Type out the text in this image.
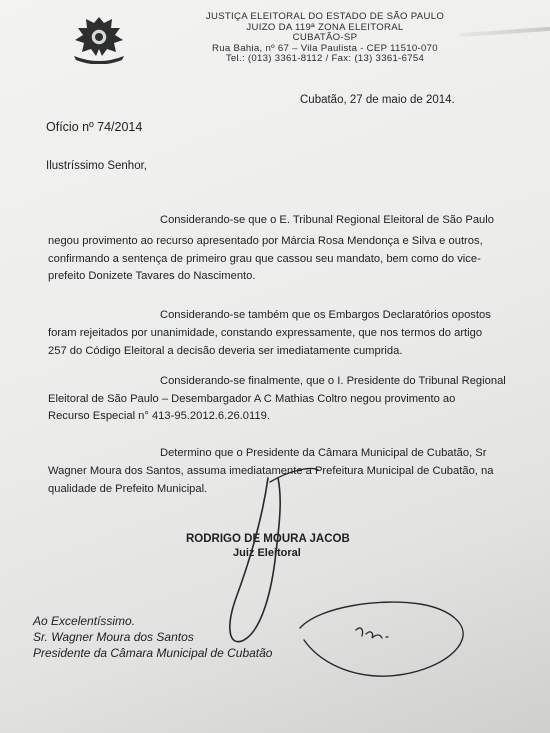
JUSTIÇA ELEITORAL DO ESTADO DE SÃO PAULO
JUIZO DA 119ª ZONA ELEITORAL
CUBATÃO-SP
Rua Bahia, nº 67 – Vila Paulista - CEP 11510-070
Tel.: (013) 3361-8112 / Fax: (13) 3361-6754
Cubatão, 27 de maio de 2014.
Ofício nº 74/2014
Ilustríssimo Senhor,
Considerando-se que o E. Tribunal Regional Eleitoral de São Paulo
negou provimento ao recurso apresentado por Márcia Rosa Mendonça e Silva e outros,
confirmando a sentença de primeiro grau que cassou seu mandato, bem como do vice-
prefeito Donizete Tavares do Nascimento.
Considerando-se também que os Embargos Declaratórios opostos
foram rejeitados por unanimidade, constando expressamente, que nos termos do artigo
257 do Código Eleitoral a decisão deveria ser imediatamente cumprida.
Considerando-se finalmente, que o I. Presidente do Tribunal Regional
Eleitoral de São Paulo – Desembargador A C Mathias Coltro negou provimento ao
Recurso Especial n° 413-95.2012.6.26.0119.
Determino que o Presidente da Câmara Municipal de Cubatão, Sr
Wagner Moura dos Santos, assuma imediatamente a Prefeitura Municipal de Cubatão, na
qualidade de Prefeito Municipal.
RODRIGO DE MOURA JACOB
Juiz Eleitoral
Ao Excelentíssimo.
Sr. Wagner Moura dos Santos
Presidente da Câmara Municipal de Cubatão
